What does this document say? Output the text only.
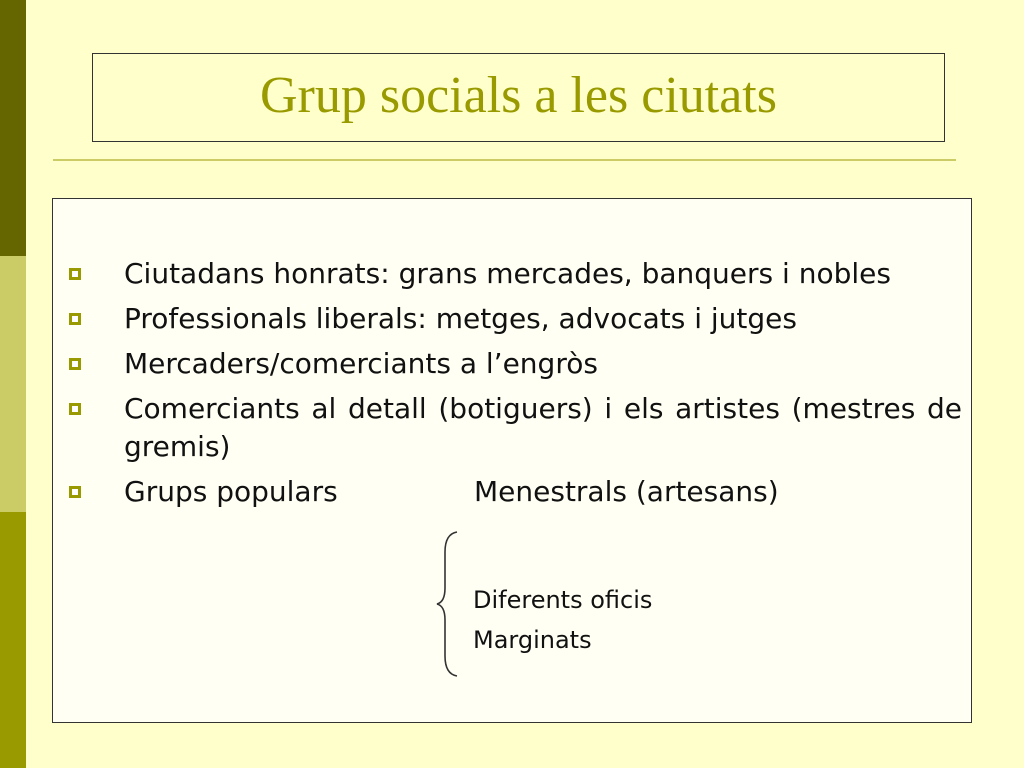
Grup socials a les ciutats
Ciutadans honrats: grans mercades, banquers i nobles
Professionals liberals: metges, advocats i jutges
Mercaders/comerciants a l’engròs
Comerciants al detall (botiguers) i els artistes (mestres de gremis)
Grups populars	Menestrals (artesans)
Diferents oficis
Marginats
